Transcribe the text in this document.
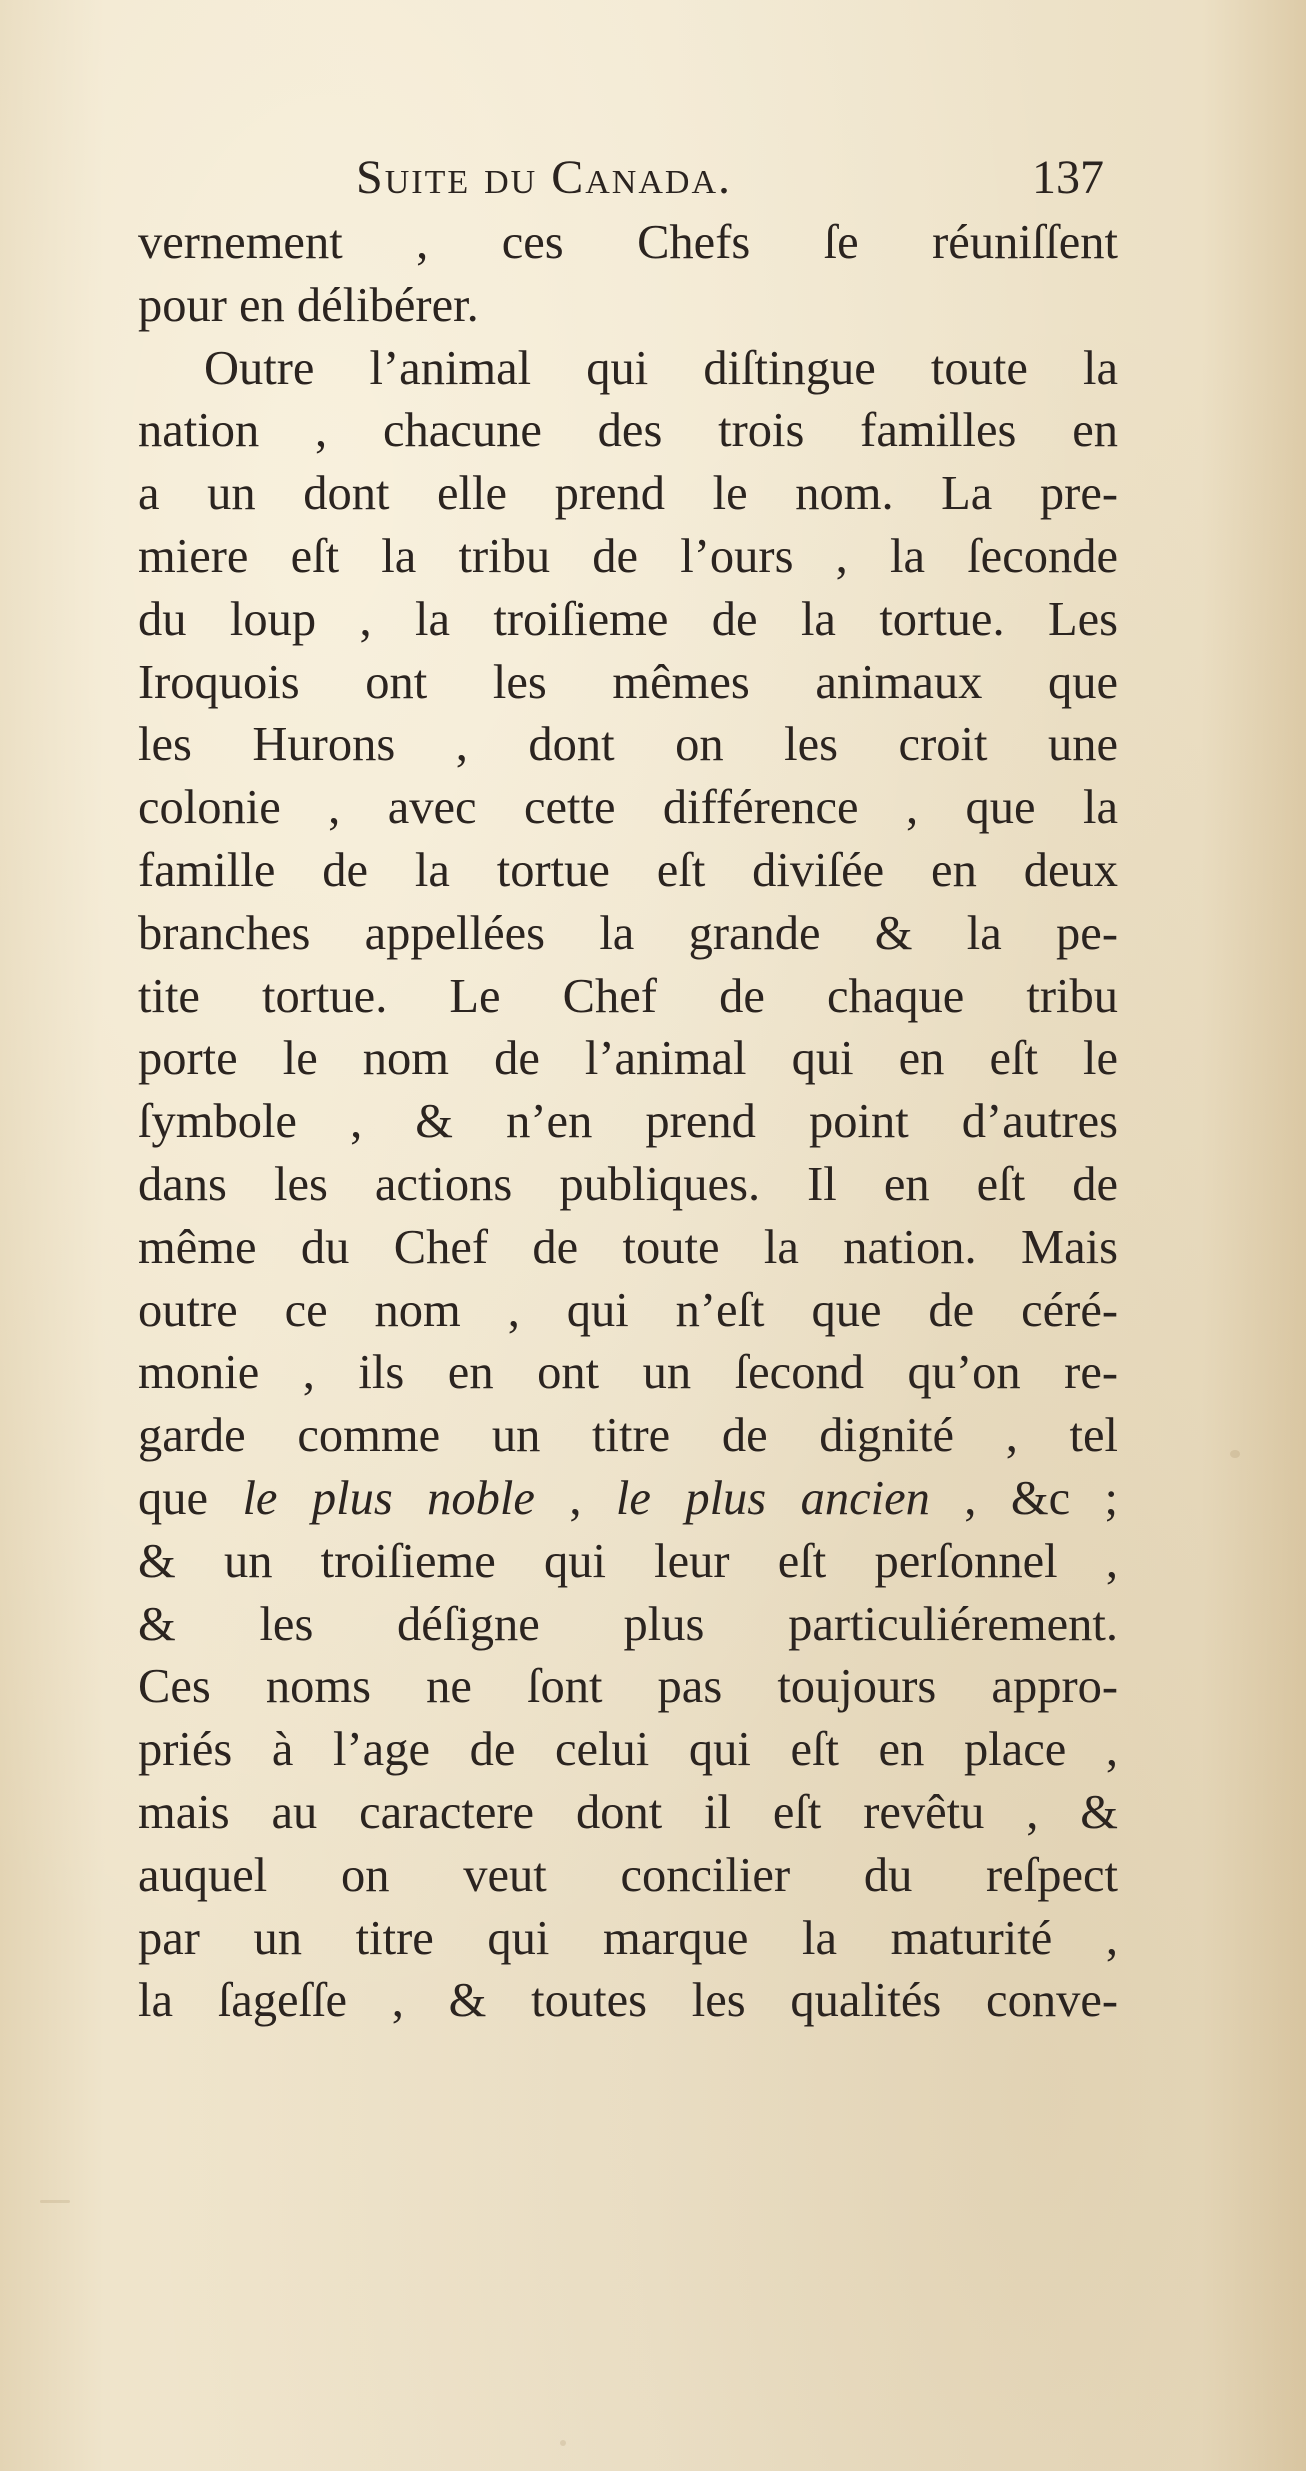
Suite du Canada.	137
vernement , ces Chefs ſe réuniſſent
pour en délibérer.
Outre l’animal qui diſtingue toute la
nation , chacune des trois familles en
a un dont elle prend le nom. La pre-
miere eſt la tribu de l’ours , la ſeconde
du loup , la troiſieme de la tortue. Les
Iroquois ont les mêmes animaux que
les Hurons , dont on les croit une
colonie , avec cette différence , que la
famille de la tortue eſt diviſée en deux
branches appellées la grande & la pe-
tite tortue. Le Chef de chaque tribu
porte le nom de l’animal qui en eſt le
ſymbole , & n’en prend point d’autres
dans les actions publiques. Il en eſt de
même du Chef de toute la nation. Mais
outre ce nom , qui n’eſt que de céré-
monie , ils en ont un ſecond qu’on re-
garde comme un titre de dignité , tel
que le plus noble , le plus ancien , &c ;
& un troiſieme qui leur eſt perſonnel ,
& les déſigne plus particuliérement.
Ces noms ne ſont pas toujours appro-
priés à l’age de celui qui eſt en place ,
mais au caractere dont il eſt revêtu , &
auquel on veut concilier du reſpect
par un titre qui marque la maturité ,
la ſageſſe , & toutes les qualités conve-
